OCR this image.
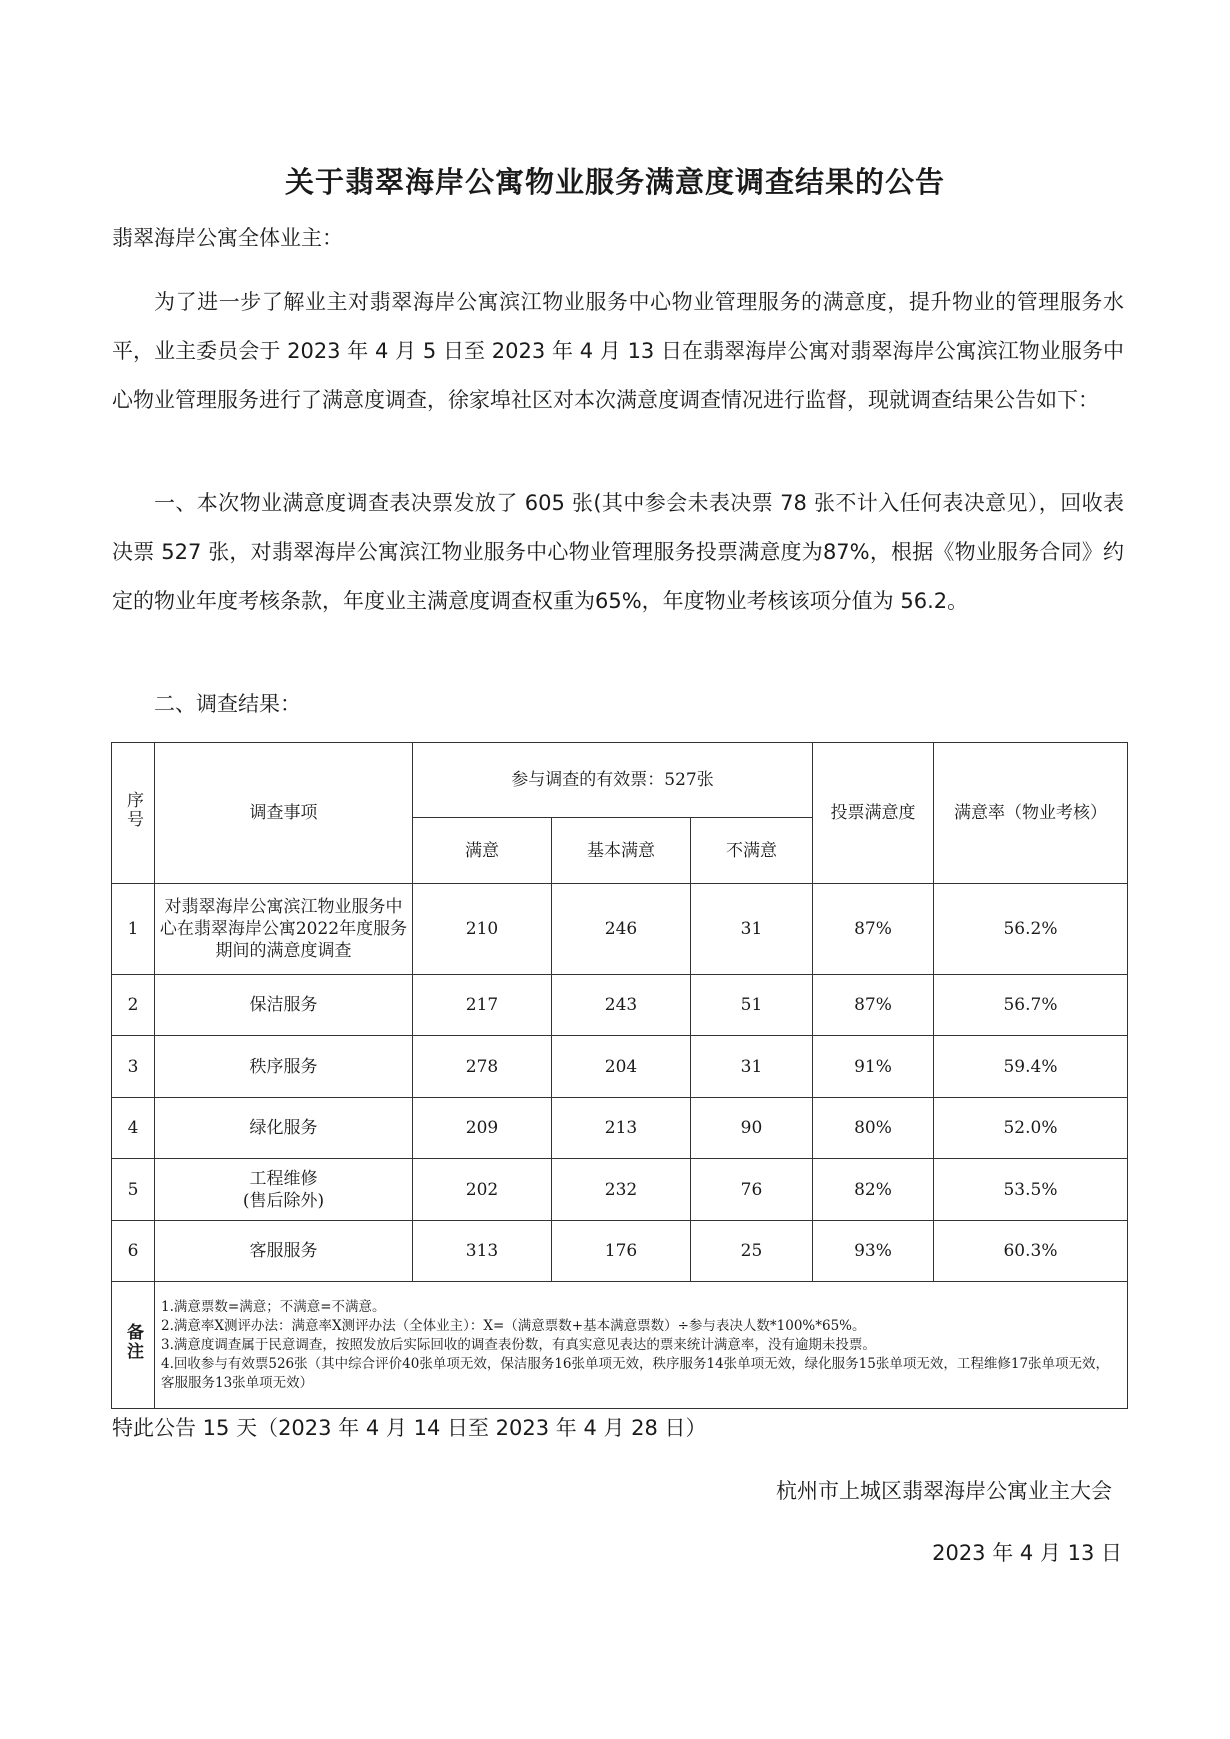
关于翡翠海岸公寓物业服务满意度调查结果的公告
翡翠海岸公寓全体业主：

为了进一步了解业主对翡翠海岸公寓滨江物业服务中心物业管理服务的满意度，提升物业的管理服务水平，业主委员会于 2023 年 4 月 5 日至 2023 年 4 月 13 日在翡翠海岸公寓对翡翠海岸公寓滨江物业服务中心物业管理服务进行了满意度调查，徐家埠社区对本次满意度调查情况进行监督，现就调查结果公告如下：

一、本次物业满意度调查表决票发放了 605 张(其中参会未表决票 78 张不计入任何表决意见），回收表决票 527 张，对翡翠海岸公寓滨江物业服务中心物业管理服务投票满意度为87%，根据《物业服务合同》约定的物业年度考核条款，年度业主满意度调查权重为65%，年度物业考核该项分值为 56.2。

二、调查结果：
序号	调查事项	参与调查的有效票：527张			投票满意度	满意率（物业考核）
		满意	基本满意	不满意		
1	对翡翠海岸公寓滨江物业服务中心在翡翠海岸公寓2022年度服务期间的满意度调查	210	246	31	87%	56.2%
2	保洁服务	217	243	51	87%	56.7%
3	秩序服务	278	204	31	91%	59.4%
4	绿化服务	209	213	90	80%	52.0%
5	工程维修
(售后除外)	202	232	76	82%	53.5%
6	客服服务	313	176	25	93%	60.3%
备注	1.满意票数=满意；不满意=不满意。
2.满意率X测评办法：满意率X测评办法（全体业主）：X=（满意票数+基本满意票数）÷参与表决人数*100%*65%。
3.满意度调查属于民意调查，按照发放后实际回收的调查表份数，有真实意见表达的票来统计满意率，没有逾期未投票。
4.回收参与有效票526张（其中综合评价40张单项无效，保洁服务16张单项无效，秩序服务14张单项无效，绿化服务15张单项无效，工程维修17张单项无效，客服服务13张单项无效）					
特此公告 15 天（2023 年 4 月 14 日至 2023 年 4 月 28 日）
杭州市上城区翡翠海岸公寓业主大会
2023 年 4 月 13 日
